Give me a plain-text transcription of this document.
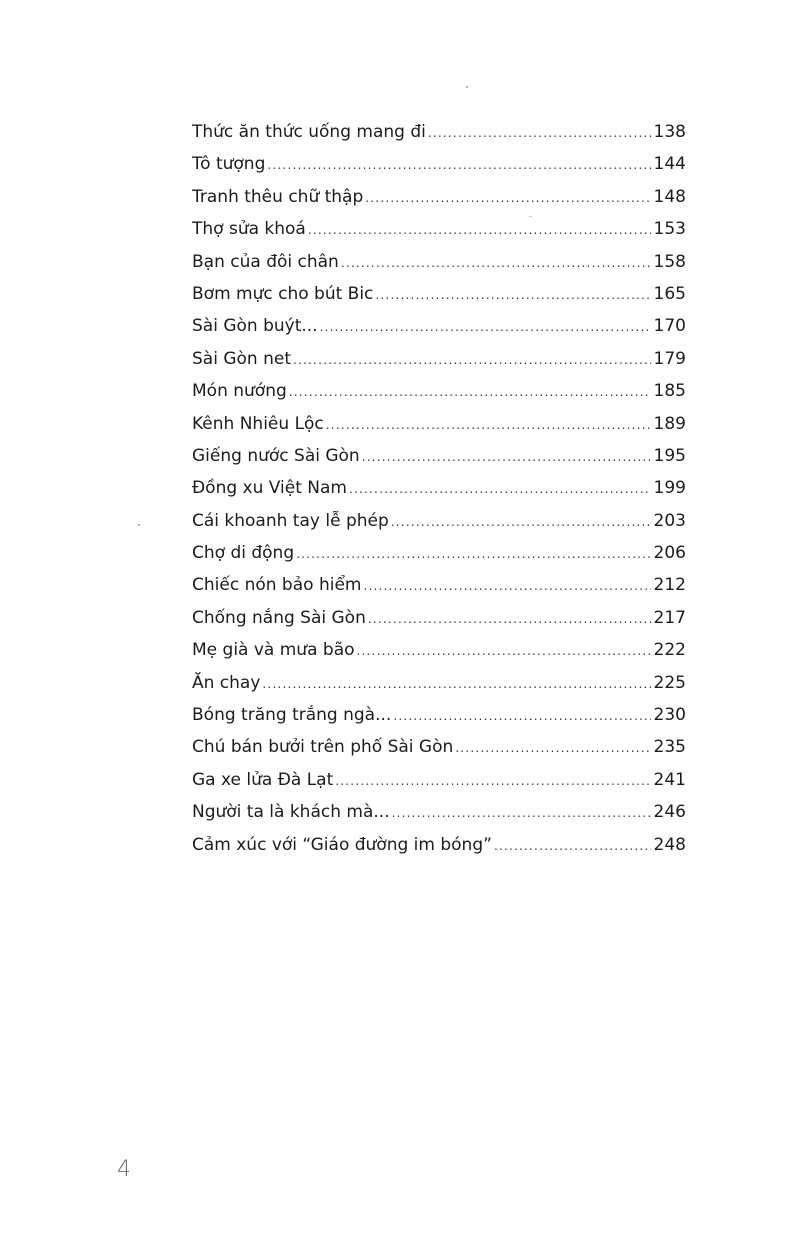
Thức ăn thức uống mang đi .....	138
Tô tượng .....	144
Tranh thêu chữ thập .....	148
Thợ sửa khoá .....	153
Bạn của đôi chân .....	158
Bơm mực cho bút Bic .....	165
Sài Gòn buýt... .....	170
Sài Gòn net .....	179
Món nướng .....	185
Kênh Nhiêu Lộc .....	189
Giếng nước Sài Gòn .....	195
Đồng xu Việt Nam .....	199
Cái khoanh tay lễ phép .....	203
Chợ di động .....	206
Chiếc nón bảo hiểm .....	212
Chống nắng Sài Gòn .....	217
Mẹ già và mưa bão .....	222
Ăn chay .....	225
Bóng trăng trắng ngà... .....	230
Chú bán bưởi trên phố Sài Gòn .....	235
Ga xe lửa Đà Lạt .....	241
Người ta là khách mà... .....	246
Cảm xúc với “Giáo đường im bóng” .....	248
4
